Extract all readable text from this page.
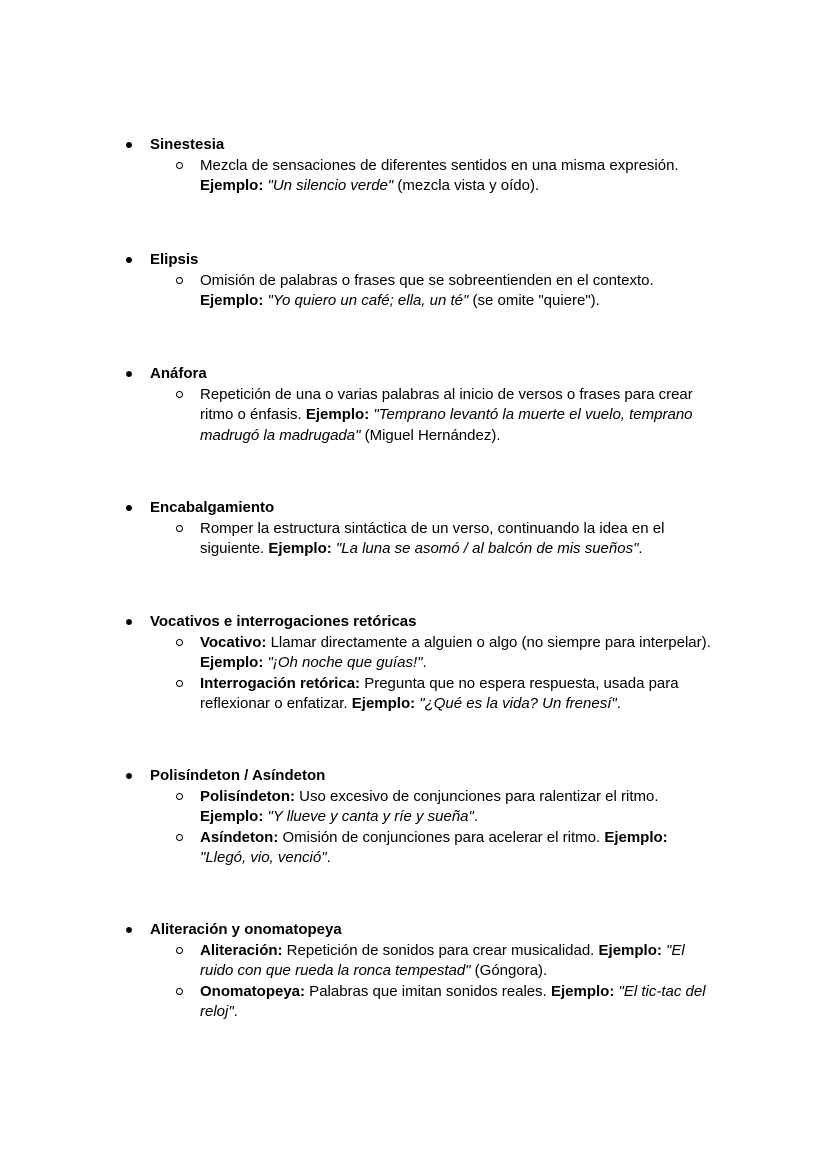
Sinestesia
Mezcla de sensaciones de diferentes sentidos en una misma expresión.
Ejemplo: "Un silencio verde" (mezcla vista y oído).
Elipsis
Omisión de palabras o frases que se sobreentienden en el contexto.
Ejemplo: "Yo quiero un café; ella, un té" (se omite "quiere").
Anáfora
Repetición de una o varias palabras al inicio de versos o frases para crear
ritmo o énfasis. Ejemplo: "Temprano levantó la muerte el vuelo, temprano
madrugó la madrugada" (Miguel Hernández).
Encabalgamiento
Romper la estructura sintáctica de un verso, continuando la idea en el
siguiente. Ejemplo: "La luna se asomó / al balcón de mis sueños".
Vocativos e interrogaciones retóricas
Vocativo: Llamar directamente a alguien o algo (no siempre para interpelar).
Ejemplo: "¡Oh noche que guías!".
Interrogación retórica: Pregunta que no espera respuesta, usada para
reflexionar o enfatizar. Ejemplo: "¿Qué es la vida? Un frenesí".
Polisíndeton / Asíndeton
Polisíndeton: Uso excesivo de conjunciones para ralentizar el ritmo.
Ejemplo: "Y llueve y canta y ríe y sueña".
Asíndeton: Omisión de conjunciones para acelerar el ritmo. Ejemplo:
"Llegó, vio, venció".
Aliteración y onomatopeya
Aliteración: Repetición de sonidos para crear musicalidad. Ejemplo: "El
ruido con que rueda la ronca tempestad" (Góngora).
Onomatopeya: Palabras que imitan sonidos reales. Ejemplo: "El tic-tac del
reloj".
